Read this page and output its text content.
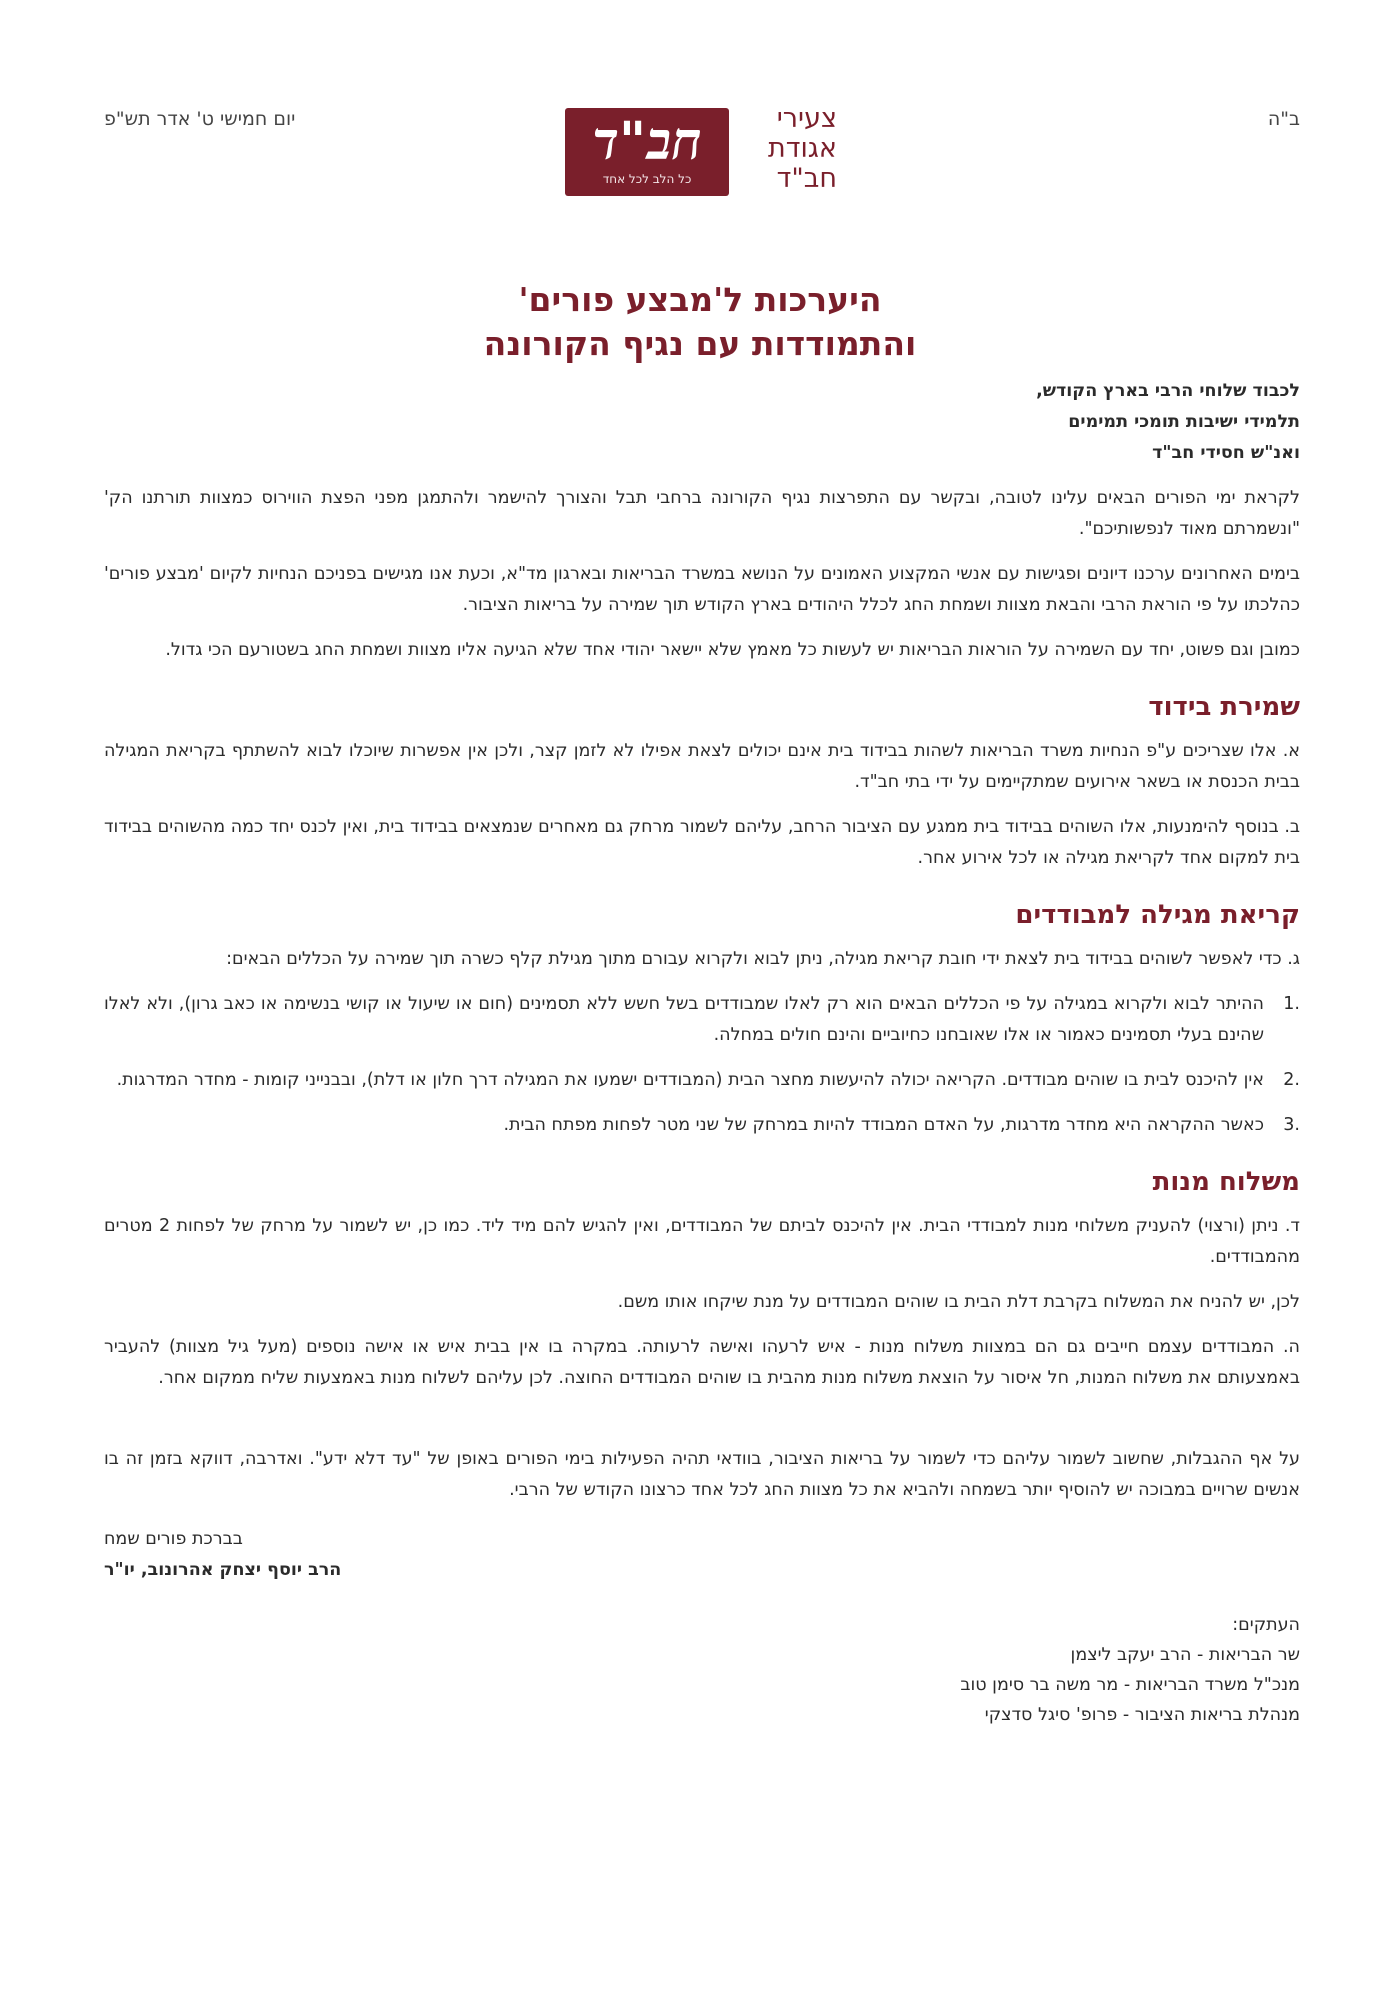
ב"ה
יום חמישי ט' אדר תש"פ	חב"ד
כל הלב לכל אחד
צעירי
אגודת
חב"ד
היערכות ל'מבצע פורים'
והתמודדות עם נגיף הקורונה
לכבוד שלוחי הרבי בארץ הקודש,
תלמידי ישיבות תומכי תמימים
ואנ"ש חסידי חב"ד

לקראת ימי הפורים הבאים עלינו לטובה, ובקשר עם התפרצות נגיף הקורונה ברחבי תבל והצורך להישמר ולהתמגן מפני הפצת הווירוס כמצוות תורתנו הק' "ונשמרתם מאוד לנפשותיכם".

בימים האחרונים ערכנו דיונים ופגישות עם אנשי המקצוע האמונים על הנושא במשרד הבריאות ובארגון מד"א, וכעת אנו מגישים בפניכם הנחיות לקיום 'מבצע פורים' כהלכתו על פי הוראת הרבי והבאת מצוות ושמחת החג לכלל היהודים בארץ הקודש תוך שמירה על בריאות הציבור.

כמובן וגם פשוט, יחד עם השמירה על הוראות הבריאות יש לעשות כל מאמץ שלא יישאר יהודי אחד שלא הגיעה אליו מצוות ושמחת החג בשטורעם הכי גדול.

שמירת בידוד

א. אלו שצריכים ע"פ הנחיות משרד הבריאות לשהות בבידוד בית אינם יכולים לצאת אפילו לא לזמן קצר, ולכן אין אפשרות שיוכלו לבוא להשתתף בקריאת המגילה בבית הכנסת או בשאר אירועים שמתקיימים על ידי בתי חב"ד.

ב. בנוסף להימנעות, אלו השוהים בבידוד בית ממגע עם הציבור הרחב, עליהם לשמור מרחק גם מאחרים שנמצאים בבידוד בית, ואין לכנס יחד כמה מהשוהים בבידוד בית למקום אחד לקריאת מגילה או לכל אירוע אחר.

קריאת מגילה למבודדים

ג. כדי לאפשר לשוהים בבידוד בית לצאת ידי חובת קריאת מגילה, ניתן לבוא ולקרוא עבורם מתוך מגילת קלף כשרה תוך שמירה על הכללים הבאים:

.1
ההיתר לבוא ולקרוא במגילה על פי הכללים הבאים הוא רק לאלו שמבודדים בשל חשש ללא תסמינים (חום או שיעול או קושי בנשימה או כאב גרון), ולא לאלו שהינם בעלי תסמינים כאמור או אלו שאובחנו כחיוביים והינם חולים במחלה.
.2
אין להיכנס לבית בו שוהים מבודדים. הקריאה יכולה להיעשות מחצר הבית (המבודדים ישמעו את המגילה דרך חלון או דלת), ובבנייני קומות - מחדר המדרגות.
.3
כאשר ההקראה היא מחדר מדרגות, על האדם המבודד להיות במרחק של שני מטר לפחות מפתח הבית.
משלוח מנות

ד. ניתן (ורצוי) להעניק משלוחי מנות למבודדי הבית. אין להיכנס לביתם של המבודדים, ואין להגיש להם מיד ליד. כמו כן, יש לשמור על מרחק של לפחות 2 מטרים מהמבודדים.

לכן, יש להניח את המשלוח בקרבת דלת הבית בו שוהים המבודדים על מנת שיקחו אותו משם.

ה. המבודדים עצמם חייבים גם הם במצוות משלוח מנות - איש לרעהו ואישה לרעותה. במקרה בו אין בבית איש או אישה נוספים (מעל גיל מצוות) להעביר באמצעותם את משלוח המנות, חל איסור על הוצאת משלוח מנות מהבית בו שוהים המבודדים החוצה. לכן עליהם לשלוח מנות באמצעות שליח ממקום אחר.

על אף ההגבלות, שחשוב לשמור עליהם כדי לשמור על בריאות הציבור, בוודאי תהיה הפעילות בימי הפורים באופן של "עד דלא ידע". ואדרבה, דווקא בזמן זה בו אנשים שרויים במבוכה יש להוסיף יותר בשמחה ולהביא את כל מצוות החג לכל אחד כרצונו הקודש של הרבי.

בברכת פורים שמח
הרב יוסף יצחק אהרונוב, יו"ר
העתקים:
שר הבריאות - הרב יעקב ליצמן
מנכ"ל משרד הבריאות - מר משה בר סימן טוב
מנהלת בריאות הציבור - פרופ' סיגל סדצקי
